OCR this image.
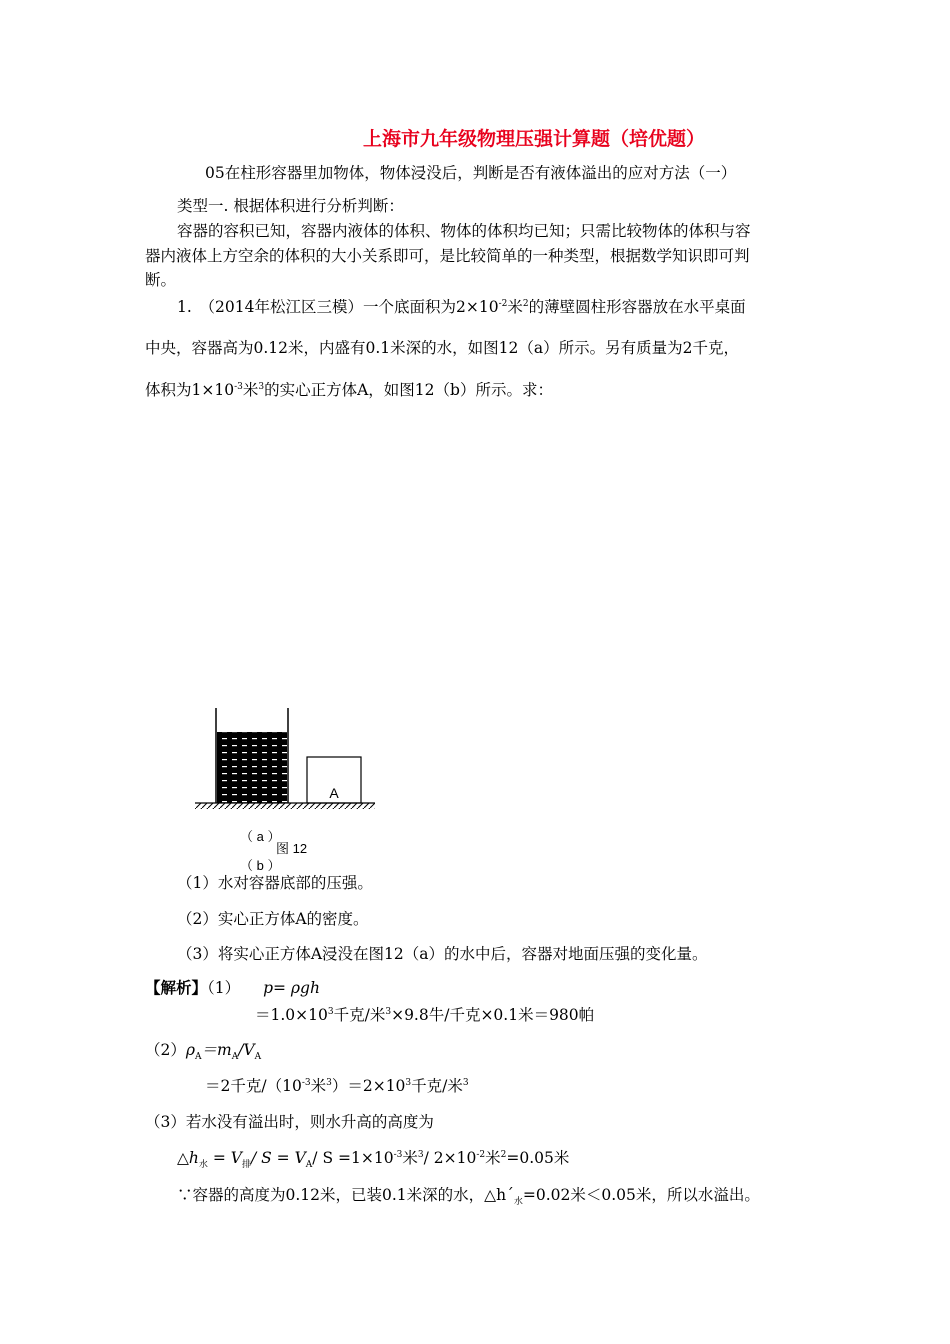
上海市九年级物理压强计算题（培优题）
05在柱形容器里加物体，物体浸没后，判断是否有液体溢出的应对方法（一）
类型一. 根据体积进行分析判断：
容器的容积已知，容器内液体的体积、物体的体积均已知；只需比较物体的体积与容
器内液体上方空余的体积的大小关系即可，是比较简单的一种类型，根据数学知识即可判
断。
1.　（2014年松江区三模）一个底面积为$2\times 10^{-2}$米$^2$的薄壁圆柱形容器放在水平桌面
中央，容器高为0.12米，内盛有0.1米深的水，如图12（a）所示。另有质量为2千克，
体积为$1\times 10^{-3}$米$^3$的实心正方体A，如图12（b）所示。求：
A
（ a ）
图 12
（ b ）
（1）水对容器底部的压强。
（2）实心正方体A的密度。
（3）将实心正方体A浸没在图12（a）的水中后，容器对地面压强的变化量。
【解析】（1） p= ρgh
$=1.0\times 10^3$千克/米$^3$×9.8牛/千克×0.1米＝980帕
$(2)\rho_A=m_A/V_A$
＝2千克$/(10^{-3}$米$^3)=2\times 10^3$千克/米$^3$
（3）若水没有溢出时，则水升高的高度为
$\triangle h_水 = V_排/$ $S = V_A/$ $S =1\times 10^{-3}$米$^3$/ $2\times 10^{-2}$米$^2$=0.05米
∵容器的高度为0.12米，已装0.1米深的水，$\triangle h´_水=0.02$米＜0.05米，所以水溢出。
